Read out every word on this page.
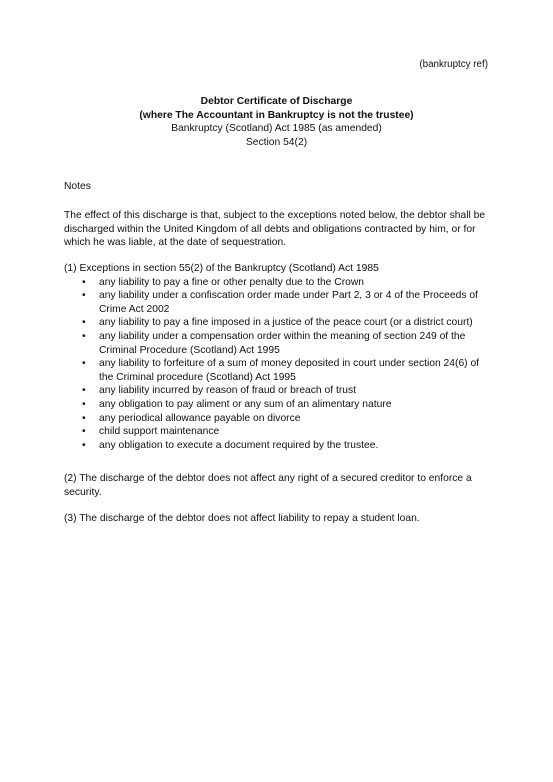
(bankruptcy ref)
Debtor Certificate of Discharge
(where The Accountant in Bankruptcy is not the trustee)
Bankruptcy (Scotland) Act 1985 (as amended)
Section 54(2)
Notes
The effect of this discharge is that, subject to the exceptions noted below, the debtor shall be discharged within the United Kingdom of all debts and obligations contracted by him, or for which he was liable, at the date of sequestration.
(1) Exceptions in section 55(2) of the Bankruptcy (Scotland) Act 1985
• any liability to pay a fine or other penalty due to the Crown
• any liability under a confiscation order made under Part 2, 3 or 4 of the Proceeds of Crime Act 2002
• any liability to pay a fine imposed in a justice of the peace court (or a district court)
• any liability under a compensation order within the meaning of section 249 of the Criminal Procedure (Scotland) Act 1995
• any liability to forfeiture of a sum of money deposited in court under section 24(6) of the Criminal procedure (Scotland) Act 1995
• any liability incurred by reason of fraud or breach of trust
• any obligation to pay aliment or any sum of an alimentary nature
• any periodical allowance payable on divorce
• child support maintenance
• any obligation to execute a document required by the trustee.
(2) The discharge of the debtor does not affect any right of a secured creditor to enforce a security.
(3) The discharge of the debtor does not affect liability to repay a student loan.
